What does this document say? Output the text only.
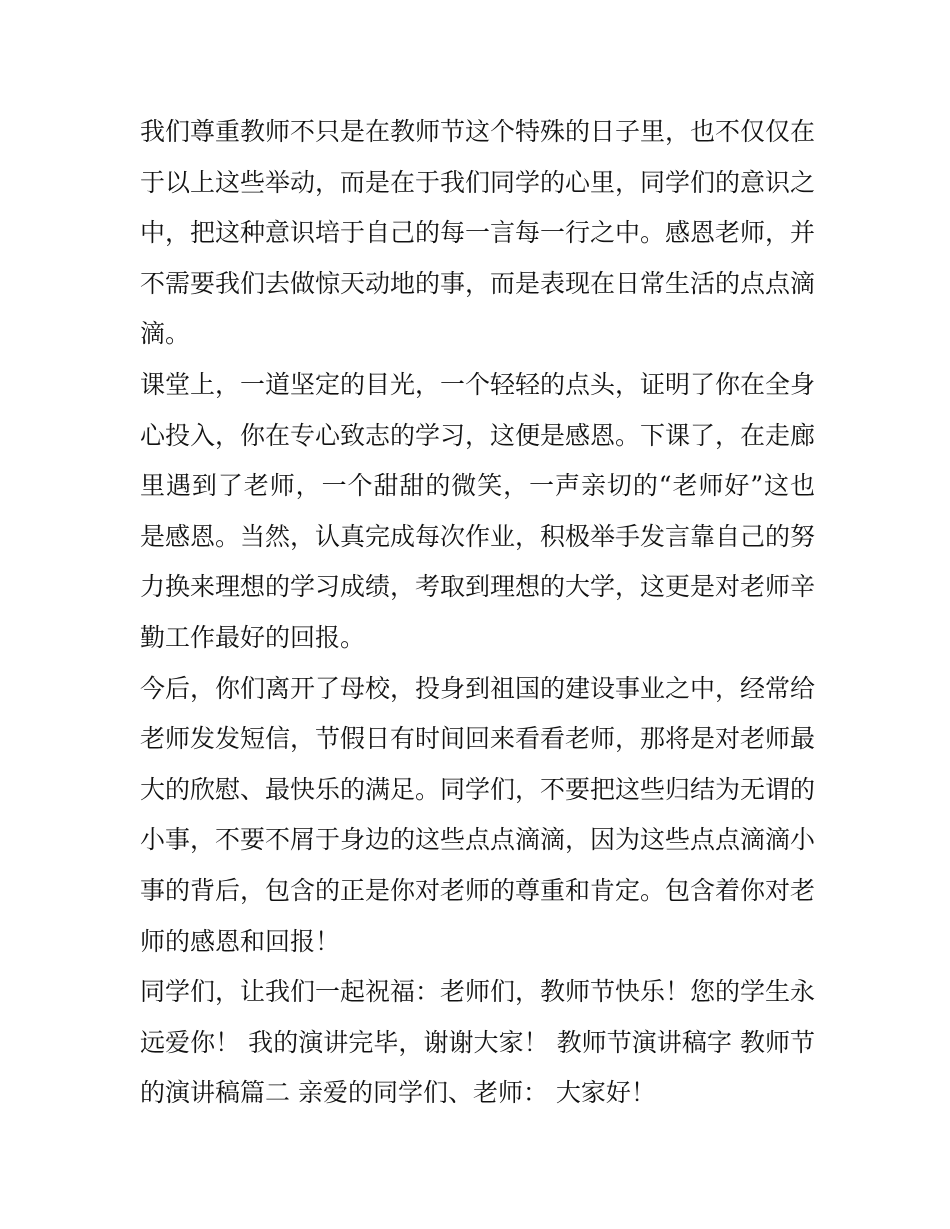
我们尊重教师不只是在教师节这个特殊的日子里，也不仅仅在于以上这些举动，而是在于我们同学的心里，同学们的意识之中，把这种意识培于自己的每一言每一行之中。感恩老师，并不需要我们去做惊天动地的事，而是表现在日常生活的点点滴滴。

课堂上，一道坚定的目光，一个轻轻的点头，证明了你在全身心投入，你在专心致志的学习，这便是感恩。下课了，在走廊里遇到了老师，一个甜甜的微笑，一声亲切的“老师好”这也是感恩。当然，认真完成每次作业，积极举手发言靠自己的努力换来理想的学习成绩，考取到理想的大学，这更是对老师辛勤工作最好的回报。

今后，你们离开了母校，投身到祖国的建设事业之中，经常给老师发发短信，节假日有时间回来看看老师，那将是对老师最大的欣慰、最快乐的满足。同学们，不要把这些归结为无谓的小事，不要不屑于身边的这些点点滴滴，因为这些点点滴滴小事的背后，包含的正是你对老师的尊重和肯定。包含着你对老师的感恩和回报！

同学们，让我们一起祝福：老师们，教师节快乐！您的学生永远爱你！ 我的演讲完毕，谢谢大家！ 教师节演讲稿字 教师节的演讲稿篇二 亲爱的同学们、老师： 大家好！
